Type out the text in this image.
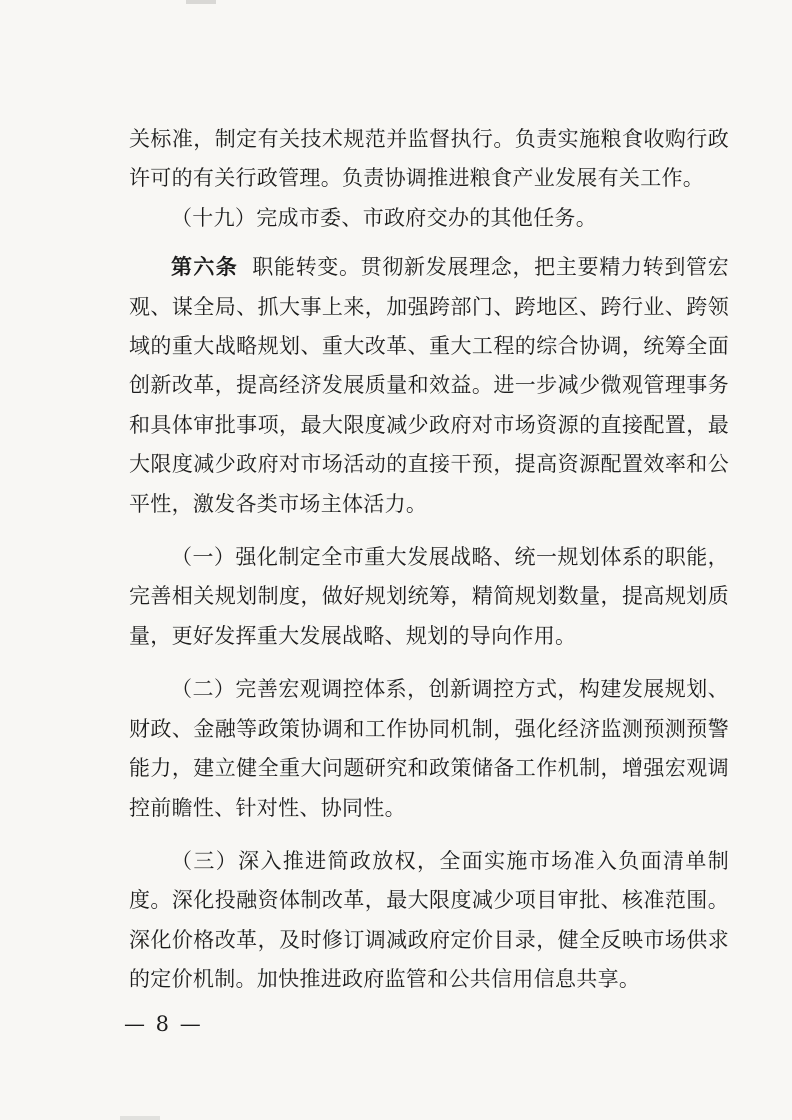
关标准，制定有关技术规范并监督执行。负责实施粮食收购行政许可的有关行政管理。负责协调推进粮食产业发展有关工作。

（十九）完成市委、市政府交办的其他任务。

第六条 职能转变。贯彻新发展理念，把主要精力转到管宏观、谋全局、抓大事上来，加强跨部门、跨地区、跨行业、跨领域的重大战略规划、重大改革、重大工程的综合协调，统筹全面创新改革，提高经济发展质量和效益。进一步减少微观管理事务和具体审批事项，最大限度减少政府对市场资源的直接配置，最大限度减少政府对市场活动的直接干预，提高资源配置效率和公平性，激发各类市场主体活力。

（一）强化制定全市重大发展战略、统一规划体系的职能，完善相关规划制度，做好规划统筹，精简规划数量，提高规划质量，更好发挥重大发展战略、规划的导向作用。

（二）完善宏观调控体系，创新调控方式，构建发展规划、财政、金融等政策协调和工作协同机制，强化经济监测预测预警能力，建立健全重大问题研究和政策储备工作机制，增强宏观调控前瞻性、针对性、协同性。

（三）深入推进简政放权，全面实施市场准入负面清单制度。深化投融资体制改革，最大限度减少项目审批、核准范围。深化价格改革，及时修订调减政府定价目录，健全反映市场供求的定价机制。加快推进政府监管和公共信用信息共享。

— 8 —
